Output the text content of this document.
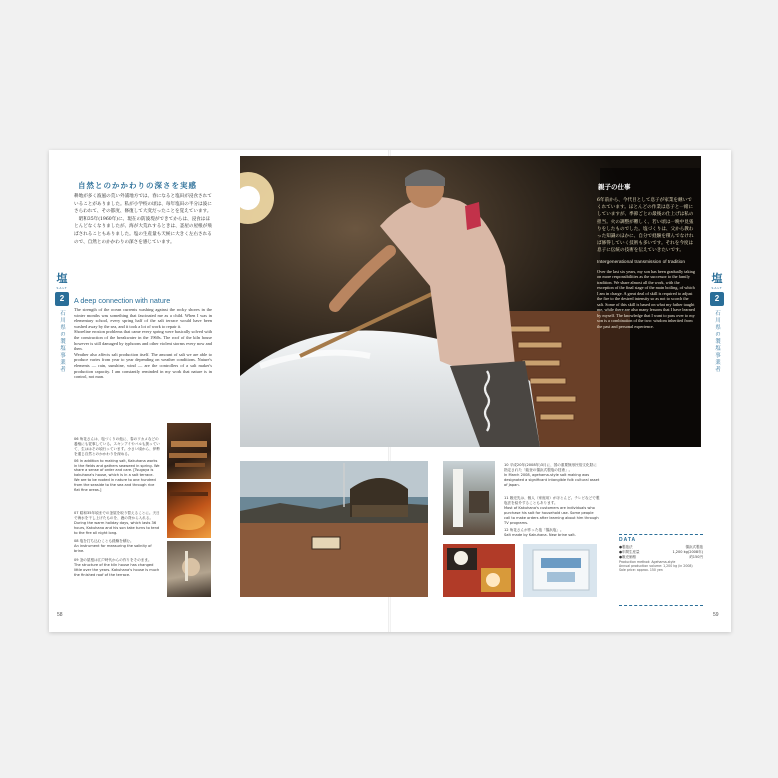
自然とのかかわりの深さを実感
耕地が多く波風の荒い外浦地方では、春になると塩田が浸食されていることがありました。私が小学校の頃は、毎年塩田の半分は波にさらわれて、その都度、修復して大変だったことを覚えています。
　昭和35年(1960年)に、現在の防波堤ができてからは、浸食はほとんどなくなりましたが、海が大荒れするときは、釜屋の屋根が飛ばされることもありました。塩の生産量も天候に大きく左右されるので、自然とのかかわりの深さを感じています。
A deep connection with nature
The strength of the ocean currents washing against the rocky shores in the winter months was something that fascinated me as a child. When I was in elementary school, every spring half of the salt terrace would have been washed away by the sea, and it took a lot of work to repair it.
Shoreline erosion problems that came every spring were basically solved with the construction of the breakwater in the 1960s. The roof of the kiln house however is still damaged by typhoons and other violent storms every now and then.
Weather also affects salt production itself. The amount of salt we are able to produce varies from year to year depending on weather conditions. Nature's elements — rain, sunshine, wind — are the controllers of a salt maker's production capacity. I am constantly reminded in my work that nature is in control, not man.
06 角花さんは、塩づくりの他に、春のワカメなどの養殖にも従事している。スキンアイやバルも扱っていて、生ははその頃行っています。小さい頃から、伊勢を通じ自然とのかかわりを深める。
06 In addition to making salt, Kakuhana works in the fields and gathers seaweed in spring. We share a sense of order and care. [Tsugaya is kakuhana's house, which is in a salt terrace. We are to be rooted in nature to one hundred from the seaside to the sea and through rice flat fine areas.]
07 昭和35年頃までの釜屋を取り替えることに。天日で海水を干し上げたものを、鹿の背から入れる。
During the warm holiday days, which lasts 36 hours, Kakuhana and his son take turns to tend to the fire all night long.
08 塩を打ち込むことも経験を積む。
An instrument for measuring the salinity of brine.
09 釜の屋根は江戸時代からの作りをそのまま。
The structure of the kiln house has changed little over the years. Kakuhana's house is much the finished roof of the terrace.
58
親子の仕事
6年前から、今代目として息子が家業を継いでくれています。ほとんどの作業は息子と一緒にしていますが、季節ごとの最後の仕上げは私の担当。火の調整が難しく、若い頃は一晩中見張りをしたものでした。塩づくりは、父から教わった知識のほかに、自分で経験を積んでなければ修得していく技術も多いです。それを今度は息子に伝統の技術を伝えていきたいです。
Intergenerational transmission of tradition
Over the last six years, my son has been gradually taking on more responsibilities as the successor to the family tradition. We share almost all the work, with the exception of the final stage of the main boiling, of which I am in charge. A great deal of skill is required to adjust the fire to the desired intensity so as not to scorch the salt. Some of this skill is based on what my father taught me, while there are also many lessons that I have learned by myself. The knowledge that I want to pass over to my son is a combination of the two: wisdom inherited from the past and personal experience.
10 平成20年(2008年)3月に、国の重要無形民俗文化財に指定された「能登の揚浜式製塩の技術」。
In March 2008, agehama-style salt making was designated a significant intangible folk cultural asset of Japan.
11 販売先は、個人（家庭用）がほとんど。テレビなどで製塩法を紹介することもあります。
Most of Kakuhana's customers are individuals who purchase his salt for household use. Some people call to make orders after learning about him through TV programs.
12 角花さんが作った塩「揚浜塩」。
Salt made by Kakuhana. New brine salt.
DATA
●製塩法	揚浜式製塩
●年間生産量	1,200 kg(2008年)
●販売価格	約150円
Production method: Agehama-style
Annual production volume: 1,200 kg (in 2008)
Sale price: approx. 150 yen
59
塩
SALT
2
石川県の製塩事業者
塩
SALT
2
石川県の製塩事業者
